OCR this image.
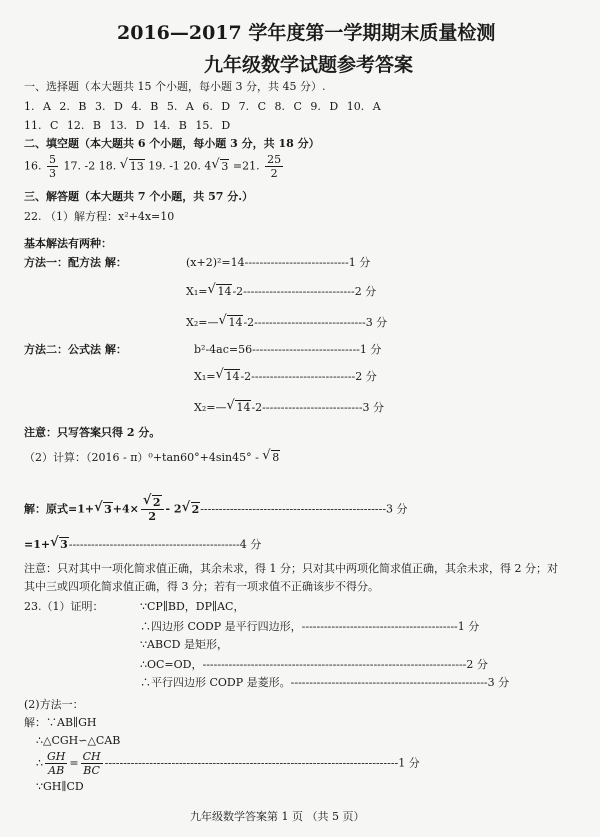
2016—2017 学年度第一学期期末质量检测
九年级数学试题参考答案
一、选择题（本大题共 15 个小题，每小题 3 分，共 45 分）.
1. A 2. B 3. D 4. B 5. A 6. D 7. C 8. C 9. D 10. A
11. C 12. B 13. D 14. B 15. D
二、填空题（本大题共 6 个小题，每小题 3 分，共 18 分）
16. $\frac{5}{3} 17$. -2 18. √ 13 19. -1 20. 4√ 3 =21. $\frac{25}{2}$
三、解答题（本大题共 7 个小题，共 57 分.）
22. （1）解方程：x²+4x=10
基本解法有两种：
方法一：配方法 解：	(x+2)²=14----------------------------1 分
X₁=√ 14-2------------------------------2 分
X₂=—√ 14-2------------------------------3 分
方法二：公式法 解：	b²-4ac=56-----------------------------1 分
X₁=√ 14-2----------------------------2 分
X₂=—√ 14-2---------------------------3 分
注意：只写答案只得 2 分。
（2）计算：（2016 - π）⁰+tan60°+4sin45° - √ 8
解：原式=1+√ 3+4×
√ $\frac{2}{2} - 2√$ 2--------------------------------------------------3 分
=1+√ 3----------------------------------------------4 分
注意：只对其中一项化简求值正确，其余未求，得 1 分；只对其中两项化简求值正确，其余未求，得 2 分；对
其中三或四项化简求值正确，得 3 分；若有一项求值不正确该步不得分。
23.（1）证明：	∵CP∥BD，DP∥AC，
∴四边形 CODP 是平行四边形，------------------------------------------1 分
∵ABCD 是矩形，
∴OC=OD，-----------------------------------------------------------------------2 分
∴平行四边形 CODP 是菱形。-----------------------------------------------------3 分
(2)方法一：
解：∵AB∥GH
∴△CGH∽△CAB
∴ $\frac{GH}{AB} = \frac{CH}{BC} -------------------------------------------------------------------------------1$ 分
∵GH∥CD
九年级数学答案第 1 页 （共 5 页）
